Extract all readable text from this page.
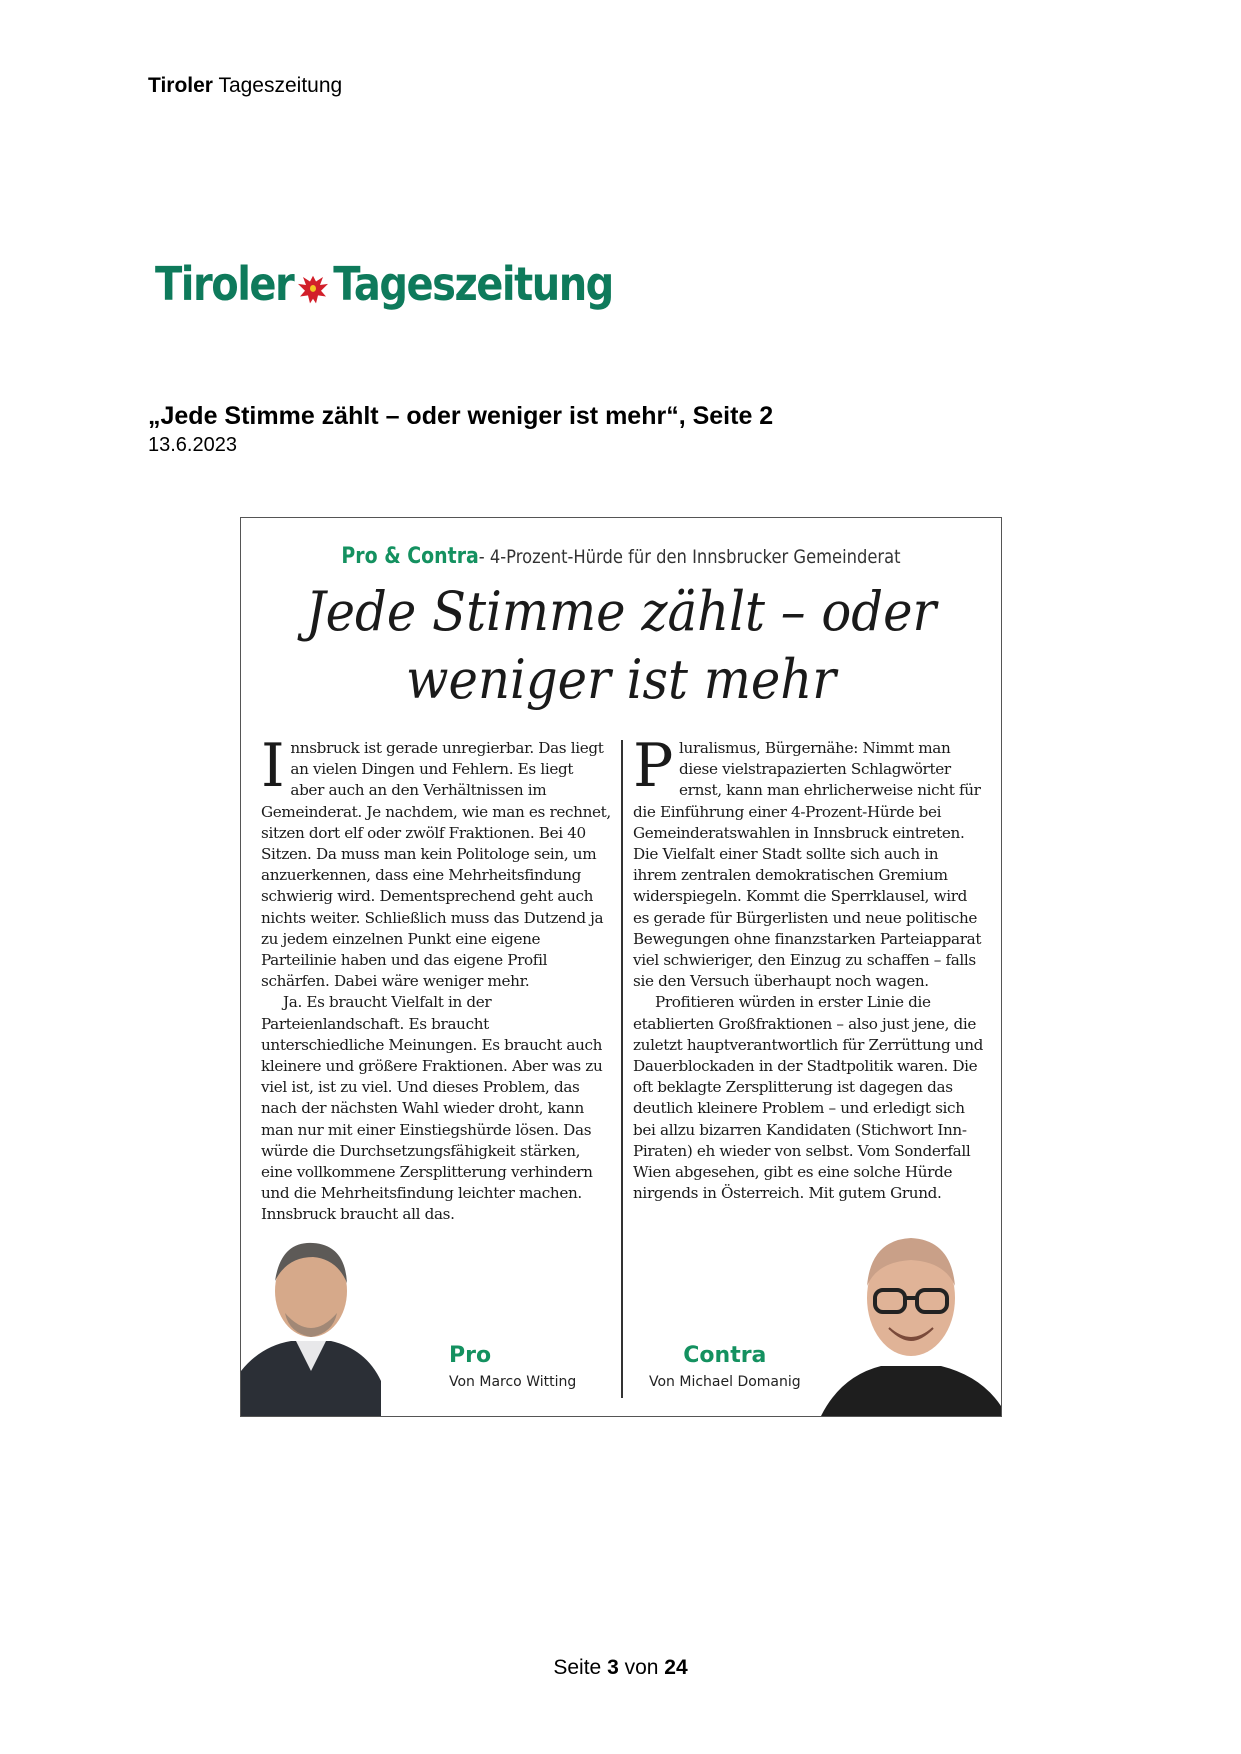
Tiroler Tageszeitung
Tiroler Tageszeitung
„Jede Stimme zählt – oder weniger ist mehr“, Seite 2
13.6.2023
Pro & Contra- 4-Prozent-Hürde für den Innsbrucker Gemeinderat
Jede Stimme zählt – oder
weniger ist mehr

Innsbruck ist gerade unregierbar. Das liegt an vielen Dingen und Fehlern. Es liegt aber auch an den Verhältnissen im Gemeinderat. Je nachdem, wie man es rechnet, sitzen dort elf oder zwölf Fraktionen. Bei 40 Sitzen. Da muss man kein Politologe sein, um anzuerkennen, dass eine Mehrheitsfindung schwierig wird. Dementsprechend geht auch nichts weiter. Schließlich muss das Dutzend ja zu jedem einzelnen Punkt eine eigene Parteilinie haben und das eigene Profil schärfen. Dabei wäre weniger mehr.

Ja. Es braucht Vielfalt in der Parteienlandschaft. Es braucht unterschiedliche Meinungen. Es braucht auch kleinere und größere Fraktionen. Aber was zu viel ist, ist zu viel. Und dieses Problem, das nach der nächsten Wahl wieder droht, kann man nur mit einer Einstiegshürde lösen. Das würde die Durchsetzungsfähigkeit stärken, eine vollkommene Zersplitterung verhindern und die Mehrheitsfindung leichter machen. Innsbruck braucht all das.

Pluralismus, Bürgernähe: Nimmt man diese vielstrapazierten Schlagwörter ernst, kann man ehrlicherweise nicht für die Einführung einer 4-Prozent-Hürde bei Gemeinderatswahlen in Innsbruck eintreten. Die Vielfalt einer Stadt sollte sich auch in ihrem zentralen demokratischen Gremium widerspiegeln. Kommt die Sperrklausel, wird es gerade für Bürgerlisten und neue politische Bewegungen ohne finanzstarken Parteiapparat viel schwieriger, den Einzug zu schaffen – falls sie den Versuch überhaupt noch wagen.

Profitieren würden in erster Linie die etablierten Großfraktionen – also just jene, die zuletzt hauptverantwortlich für Zerrüttung und Dauerblockaden in der Stadtpolitik waren. Die oft beklagte Zersplitterung ist dagegen das deutlich kleinere Problem – und erledigt sich bei allzu bizarren Kandidaten (Stichwort Inn-Piraten) eh wieder von selbst. Vom Sonderfall Wien abgesehen, gibt es eine solche Hürde nirgends in Österreich. Mit gutem Grund.

Pro
Von Marco Witting
Contra
Von Michael Domanig
Seite 3 von 24
